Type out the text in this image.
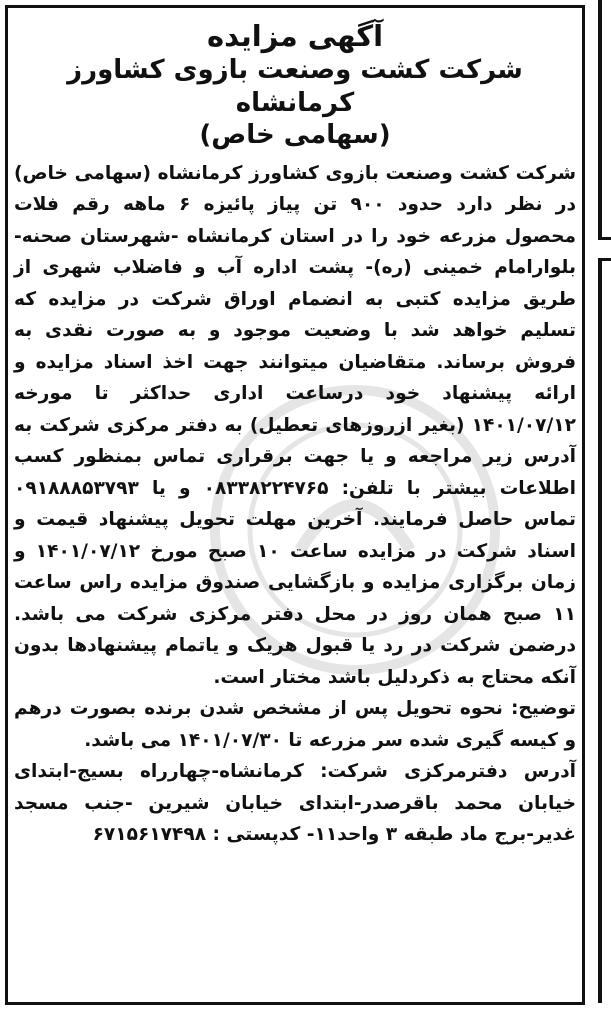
آگهی مزایده
شرکت کشت وصنعت بازوی کشاورز کرمانشاه
(سهامی خاص)

شرکت کشت وصنعت بازوی کشاورز کرمانشاه (سهامی خاص) در نظر دارد حدود ۹۰۰ تن پیاز پائیزه ۶ ماهه رقم فلات محصول مزرعه خود را در استان کرمانشاه -شهرستان صحنه-بلوارامام خمینی (ره)- پشت اداره آب و فاضلاب شهری از طریق مزایده کتبی به انضمام اوراق شرکت در مزایده که تسلیم خواهد شد با وضعیت موجود و به صورت نقدی به فروش برساند. متقاضیان میتوانند جهت اخذ اسناد مزایده و ارائه پیشنهاد خود درساعت اداری حداکثر تا مورخه ۱۴۰۱/۰۷/۱۲ (بغیر ازروزهای تعطیل) به دفتر مرکزی شرکت به آدرس زیر مراجعه و یا جهت برقراری تماس بمنظور کسب اطلاعات بیشتر با تلفن: ۰۸۳۳۸۲۲۴۷۶۵ و یا ۰۹۱۸۸۸۵۳۷۹۳ تماس حاصل فرمایند. آخرین مهلت تحویل پیشنهاد قیمت و اسناد شرکت در مزایده ساعت ۱۰ صبح مورخ ۱۴۰۱/۰۷/۱۲ و زمان برگزاری مزایده و بازگشایی صندوق مزایده راس ساعت ۱۱ صبح همان روز در محل دفتر مرکزی شرکت می باشد. درضمن شرکت در رد یا قبول هریک و یاتمام پیشنهادها بدون آنکه محتاج به ذکردلیل باشد مختار است.

توضیح: نحوه تحویل پس از مشخص شدن برنده بصورت درهم و کیسه گیری شده سر مزرعه تا ۱۴۰۱/۰۷/۳۰ می باشد.

آدرس دفترمرکزی شرکت: کرمانشاه-چهارراه بسیج-ابتدای خیابان محمد باقرصدر-ابتدای خیابان شیرین -جنب مسجد غدیر-برج ماد طبقه ۳ واحد۱۱- کدپستی : ۶۷۱۵۶۱۷۴۹۸
